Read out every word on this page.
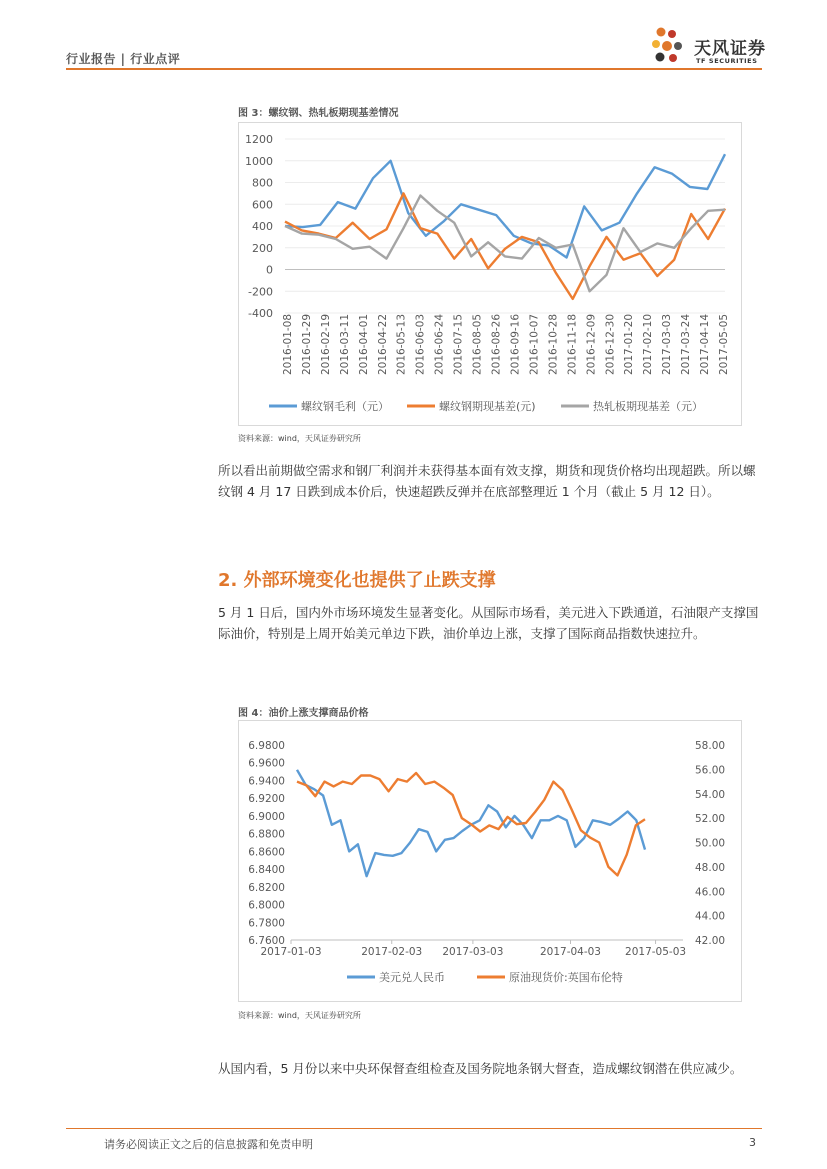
行业报告 | 行业点评	天风证券
TF SECURITIES
图 3：螺纹钢、热轧板期现基差情况
1200
1000
800
600
400
200
0
-200
-400
2016-01-08 2016-01-29 2016-02-19 2016-03-11 2016-04-01 2016-04-22 2016-05-13 2016-06-03 2016-06-24 2016-07-15 2016-08-05 2016-08-26 2016-09-16 2016-10-07 2016-10-28 2016-11-18 2016-12-09 2016-12-30 2017-01-20 2017-02-10 2017-03-03 2017-03-24 2017-04-14 2017-05-05
螺纹钢毛利（元）	螺纹钢期现基差(元)	热轧板期现基差（元）
资料来源：wind，天风证券研究所
所以看出前期做空需求和钢厂利润并未获得基本面有效支撑，期货和现货价格均出现超跌。所以螺纹钢 4 月 17 日跌到成本价后，快速超跌反弹并在底部整理近 1 个月（截止 5 月 12 日）。
2. 外部环境变化也提供了止跌支撑
5 月 1 日后，国内外市场环境发生显著变化。从国际市场看，美元进入下跌通道，石油限产支撑国际油价，特别是上周开始美元单边下跌，油价单边上涨，支撑了国际商品指数快速拉升。
图 4：油价上涨支撑商品价格
6.9800
6.9600
6.9400
6.9200
6.9000
6.8800
6.8600
6.8400
6.8200
6.8000
6.7800
6.7600
58.00
56.00
54.00
52.00
50.00
48.00
46.00
44.00
42.00
2017-01-03	2017-02-03 2017-03-03	2017-04-03 2017-05-03
美元兑人民币	原油现货价:英国布伦特
资料来源：wind，天风证券研究所
从国内看，5 月份以来中央环保督查组检查及国务院地条钢大督查，造成螺纹钢潜在供应减少。
请务必阅读正文之后的信息披露和免责申明	3
